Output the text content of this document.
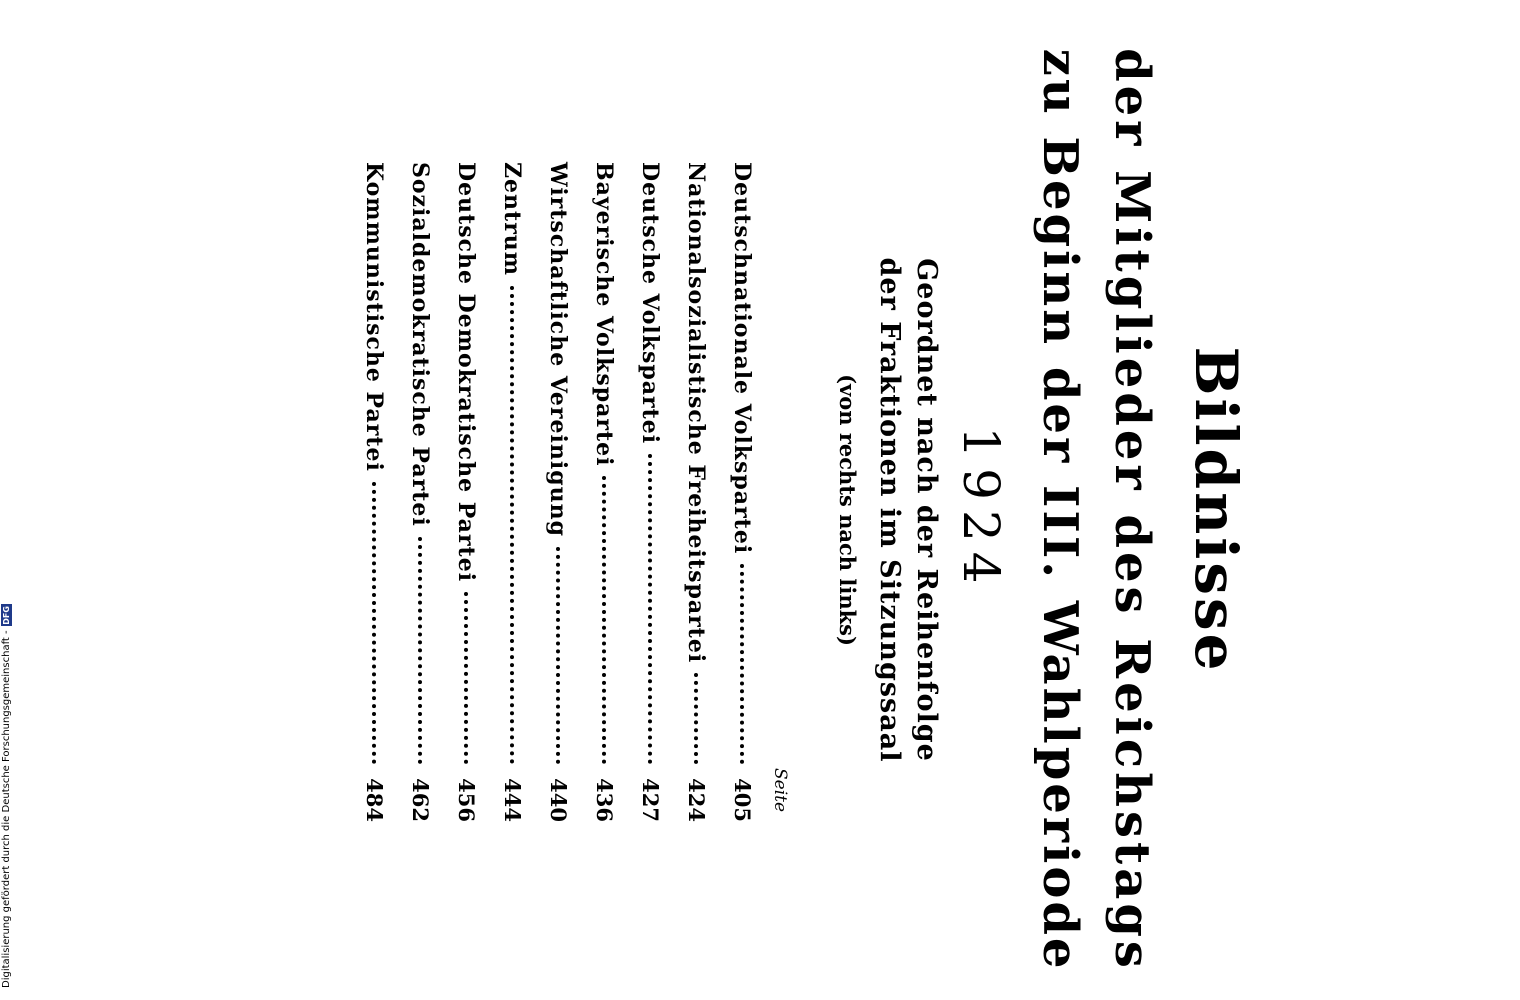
Bildnisse
der Mitglieder des Reichstags
zu Beginn der III. Wahlperiode
1924
Geordnet nach der Reihenfolge
der Fraktionen im Sitzungssaal
(von rechts nach links)
Seite
Deutschnationale Volkspartei
405
Nationalsozialistische Freiheitspartei
424
Deutsche Volkspartei
427
Bayerische Volkspartei
436
Wirtschaftliche Vereinigung
440
Zentrum
444
Deutsche Demokratische Partei
456
Sozialdemokratische Partei
462
Kommunistische Partei
484
Digitalisierung gefördert durch die Deutsche Forschungsgemeinschaft -
DFG
